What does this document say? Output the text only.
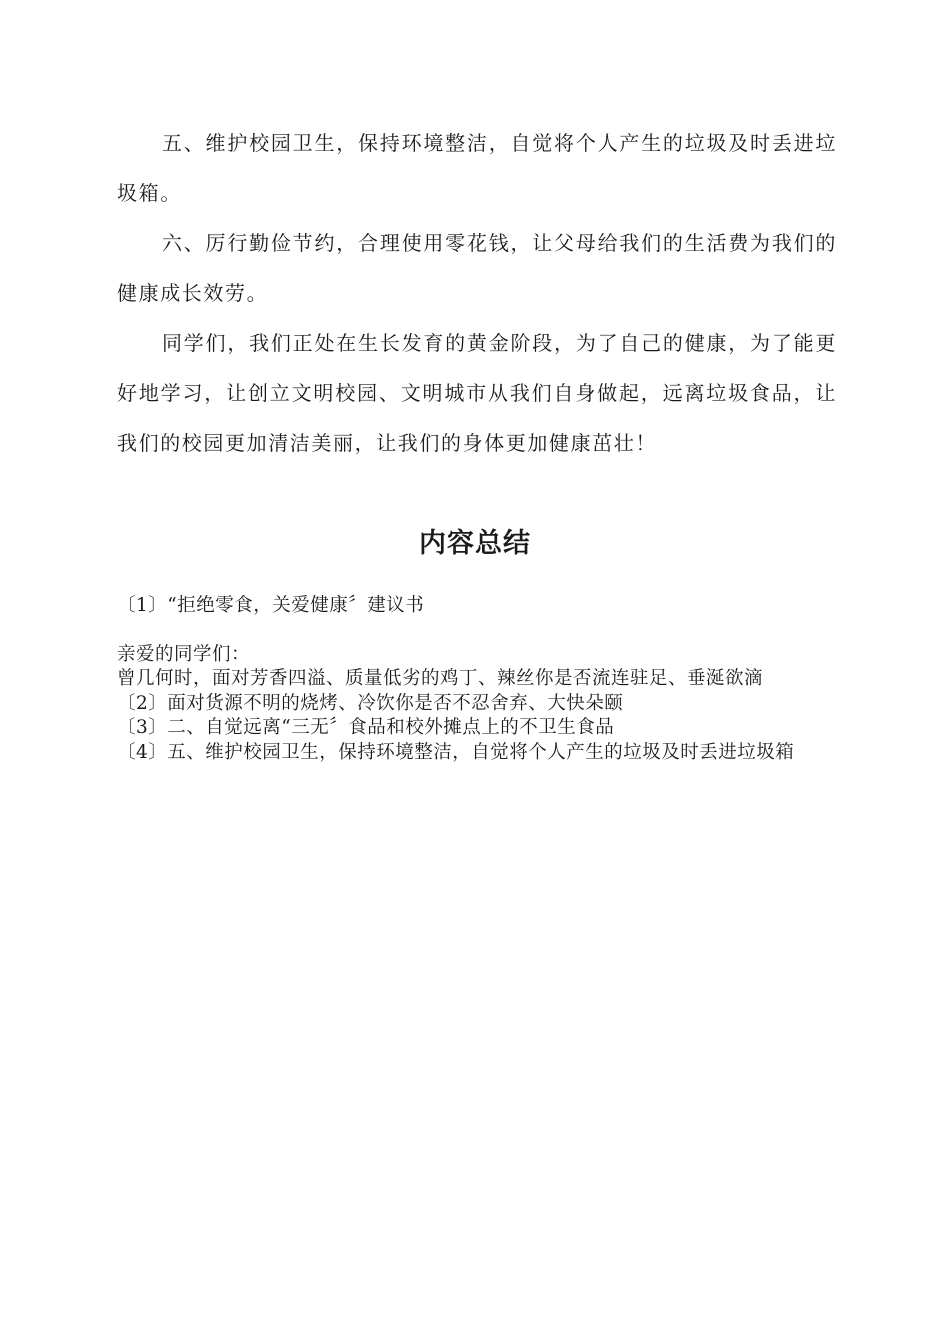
五、维护校园卫生，保持环境整洁，自觉将个人产生的垃圾及时丢进垃圾箱。

六、厉行勤俭节约，合理使用零花钱，让父母给我们的生活费为我们的健康成长效劳。

同学们，我们正处在生长发育的黄金阶段，为了自己的健康，为了能更好地学习，让创立文明校园、文明城市从我们自身做起，远离垃圾食品，让我们的校园更加清洁美丽，让我们的身体更加健康茁壮！

内容总结

〔1〕“拒绝零食，关爱健康〞建议书

亲爱的同学们：

曾几何时，面对芳香四溢、质量低劣的鸡丁、辣丝你是否流连驻足、垂涎欲滴

〔2〕面对货源不明的烧烤、冷饮你是否不忍舍弃、大快朵颐

〔3〕二、自觉远离“三无〞食品和校外摊点上的不卫生食品

〔4〕五、维护校园卫生，保持环境整洁，自觉将个人产生的垃圾及时丢进垃圾箱
